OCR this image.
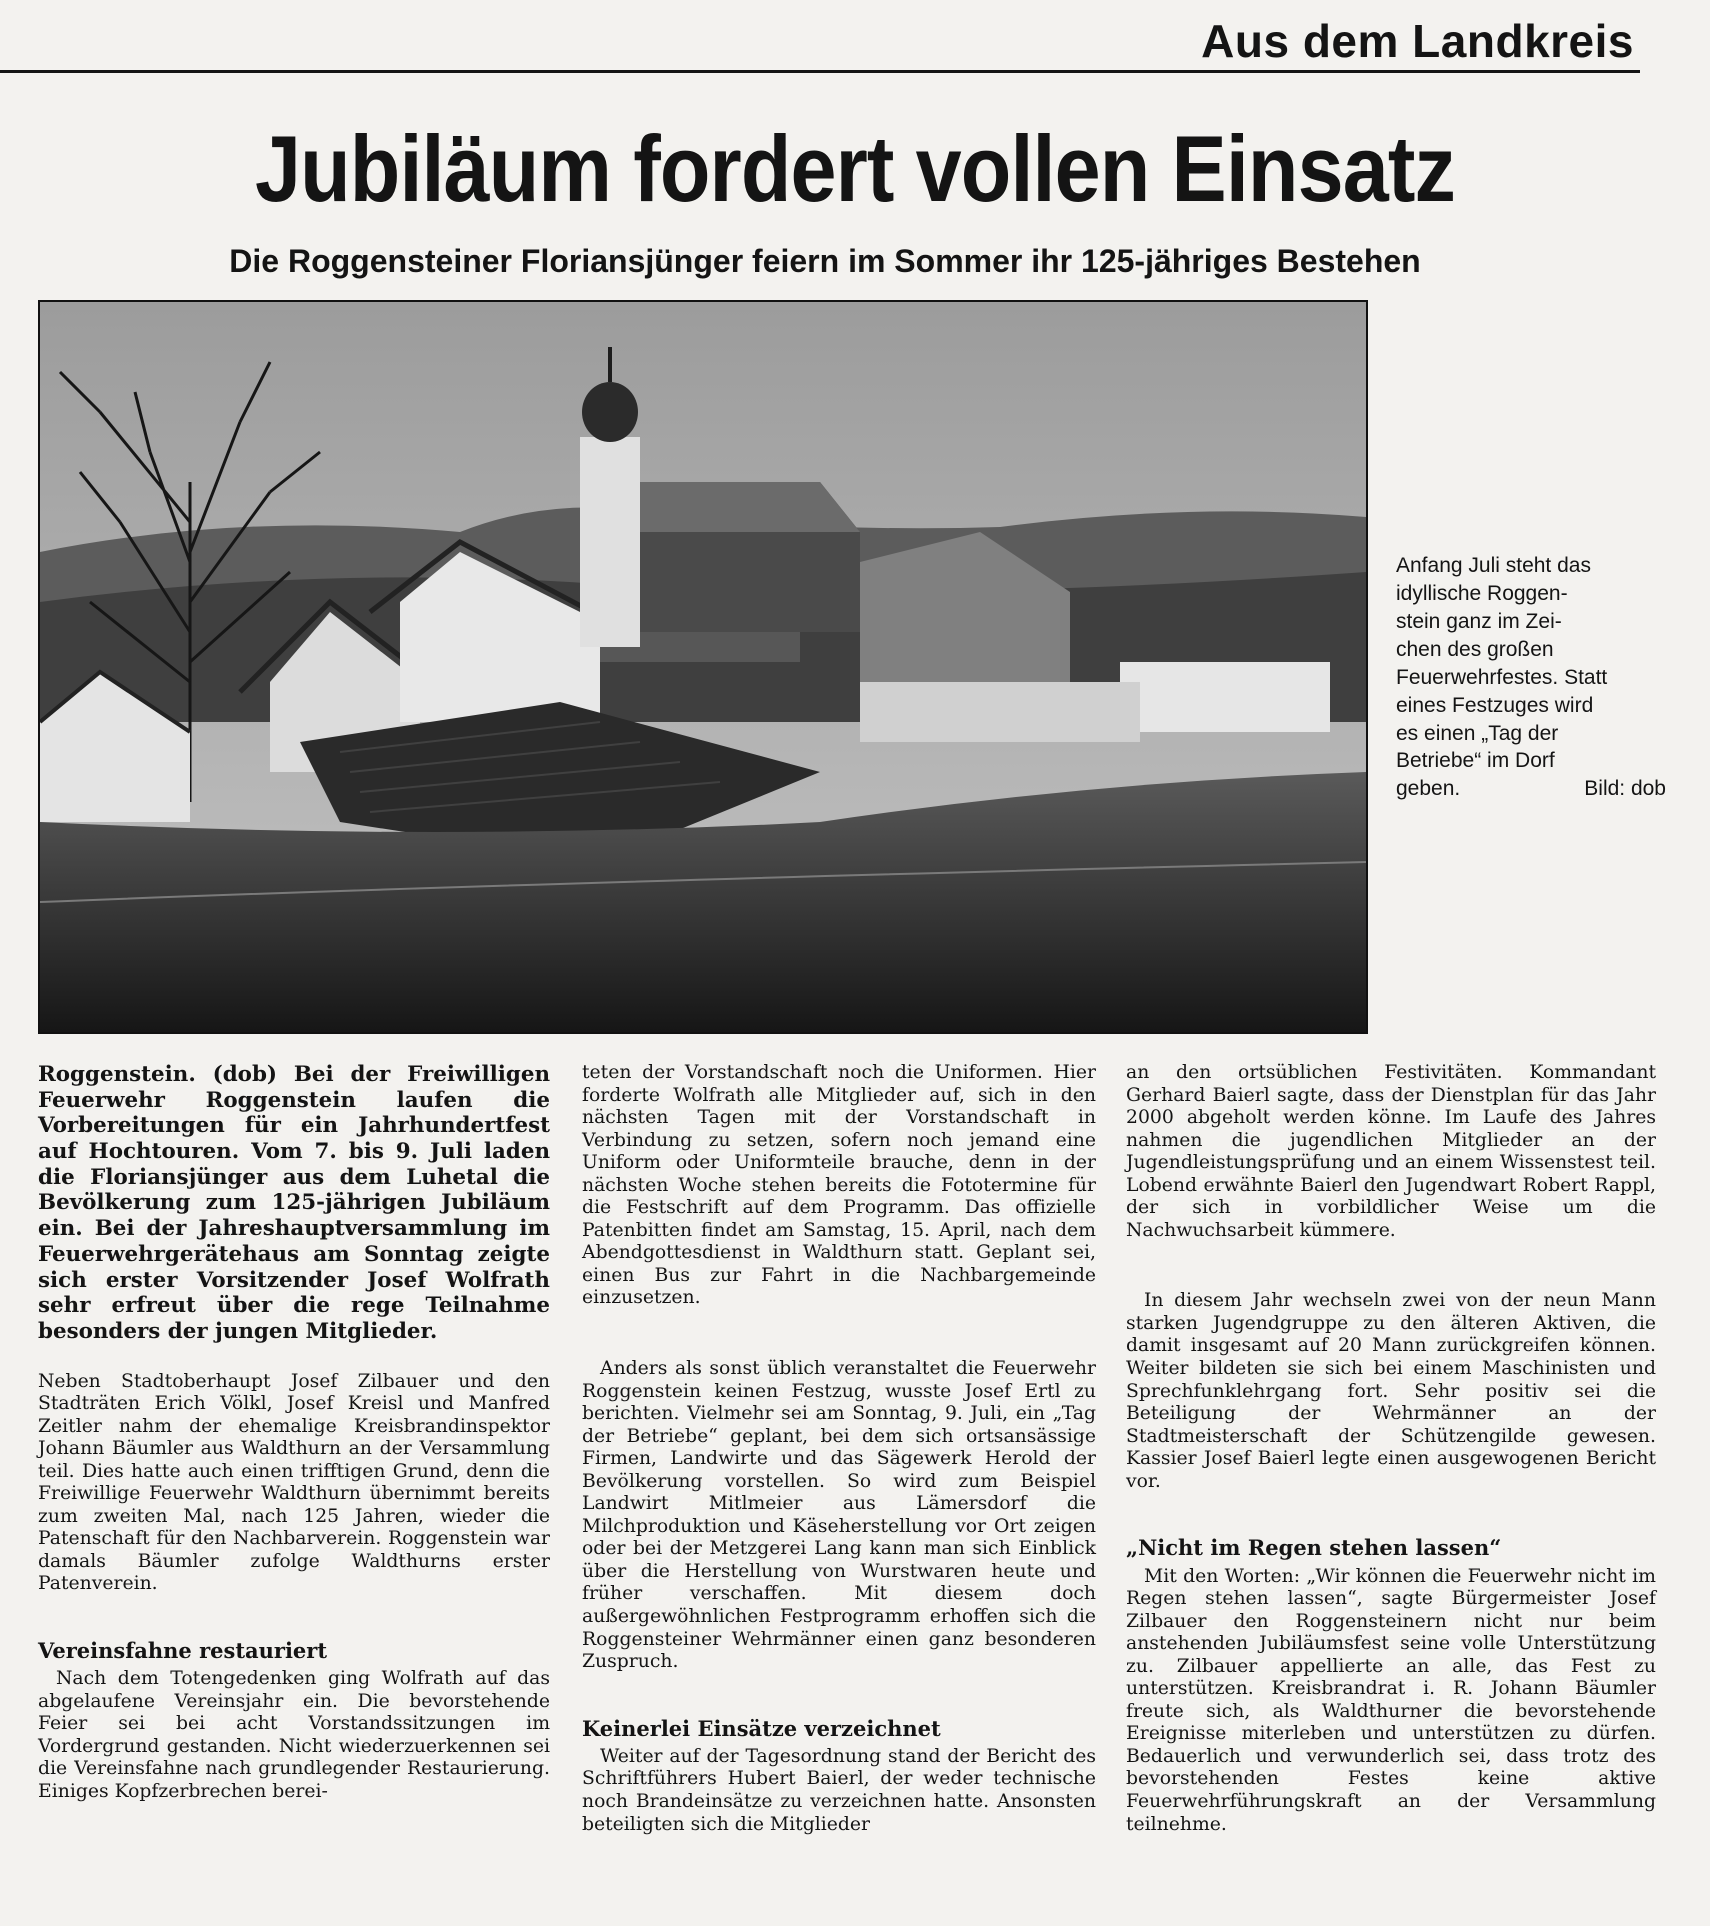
Aus dem Landkreis
Jubiläum fordert vollen Einsatz
Die Roggensteiner Floriansjünger feiern im Sommer ihr 125-jähriges Bestehen
Anfang Juli steht das
idyllische Roggen-
stein ganz im Zei-
chen des großen
Feuerwehrfestes. Statt
eines Festzuges wird
es einen „Tag der
Betriebe“ im Dorf
geben.	Bild: dob

Roggenstein. (dob) Bei der Freiwilligen Feuerwehr Roggenstein laufen die Vorbereitungen für ein Jahrhundertfest auf Hochtouren. Vom 7. bis 9. Juli laden die Floriansjünger aus dem Luhetal die Bevölkerung zum 125-jährigen Jubiläum ein. Bei der Jahreshauptversammlung im Feuerwehrgerätehaus am Sonntag zeigte sich erster Vorsitzender Josef Wolfrath sehr erfreut über die rege Teilnahme besonders der jungen Mitglieder.

Neben Stadtoberhaupt Josef Zilbauer und den Stadträten Erich Völkl, Josef Kreisl und Manfred Zeitler nahm der ehemalige Kreisbrandinspektor Johann Bäumler aus Waldthurn an der Versammlung teil. Dies hatte auch einen trifftigen Grund, denn die Freiwillige Feuerwehr Waldthurn übernimmt bereits zum zweiten Mal, nach 125 Jahren, wieder die Patenschaft für den Nachbarverein. Roggenstein war damals Bäumler zufolge Waldthurns erster Patenverein.

Vereinsfahne restauriert

Nach dem Totengedenken ging Wolfrath auf das abgelaufene Vereinsjahr ein. Die bevorstehende Feier sei bei acht Vorstandssitzungen im Vordergrund gestanden. Nicht wiederzuerkennen sei die Vereinsfahne nach grundlegender Restaurierung. Einiges Kopfzerbrechen berei-

teten der Vorstandschaft noch die Uniformen. Hier forderte Wolfrath alle Mitglieder auf, sich in den nächsten Tagen mit der Vorstandschaft in Verbindung zu setzen, sofern noch jemand eine Uniform oder Uniformteile brauche, denn in der nächsten Woche stehen bereits die Fototermine für die Festschrift auf dem Programm. Das offizielle Patenbitten findet am Samstag, 15. April, nach dem Abendgottesdienst in Waldthurn statt. Geplant sei, einen Bus zur Fahrt in die Nachbargemeinde einzusetzen.

Anders als sonst üblich veranstaltet die Feuerwehr Roggenstein keinen Festzug, wusste Josef Ertl zu berichten. Vielmehr sei am Sonntag, 9. Juli, ein „Tag der Betriebe“ geplant, bei dem sich ortsansässige Firmen, Landwirte und das Sägewerk Herold der Bevölkerung vorstellen. So wird zum Beispiel Landwirt Mitlmeier aus Lämersdorf die Milchproduktion und Käseherstellung vor Ort zeigen oder bei der Metzgerei Lang kann man sich Einblick über die Herstellung von Wurstwaren heute und früher verschaffen. Mit diesem doch außergewöhnlichen Festprogramm erhoffen sich die Roggensteiner Wehrmänner einen ganz besonderen Zuspruch.

Keinerlei Einsätze verzeichnet

Weiter auf der Tagesordnung stand der Bericht des Schriftführers Hubert Baierl, der weder technische noch Brandeinsätze zu verzeichnen hatte. Ansonsten beteiligten sich die Mitglieder

an den ortsüblichen Festivitäten. Kommandant Gerhard Baierl sagte, dass der Dienstplan für das Jahr 2000 abgeholt werden könne. Im Laufe des Jahres nahmen die jugendlichen Mitglieder an der Jugendleistungsprüfung und an einem Wissenstest teil. Lobend erwähnte Baierl den Jugendwart Robert Rappl, der sich in vorbildlicher Weise um die Nachwuchsarbeit kümmere.

In diesem Jahr wechseln zwei von der neun Mann starken Jugendgruppe zu den älteren Aktiven, die damit insgesamt auf 20 Mann zurückgreifen können. Weiter bildeten sie sich bei einem Maschinisten und Sprechfunklehrgang fort. Sehr positiv sei die Beteiligung der Wehrmänner an der Stadtmeisterschaft der Schützengilde gewesen. Kassier Josef Baierl legte einen ausgewogenen Bericht vor.

„Nicht im Regen stehen lassen“

Mit den Worten: „Wir können die Feuerwehr nicht im Regen stehen lassen“, sagte Bürgermeister Josef Zilbauer den Roggensteinern nicht nur beim anstehenden Jubiläumsfest seine volle Unterstützung zu. Zilbauer appellierte an alle, das Fest zu unterstützen. Kreisbrandrat i. R. Johann Bäumler freute sich, als Waldthurner die bevorstehende Ereignisse miterleben und unterstützen zu dürfen. Bedauerlich und verwunderlich sei, dass trotz des bevorstehenden Festes keine aktive Feuerwehrführungskraft an der Versammlung teilnehme.
